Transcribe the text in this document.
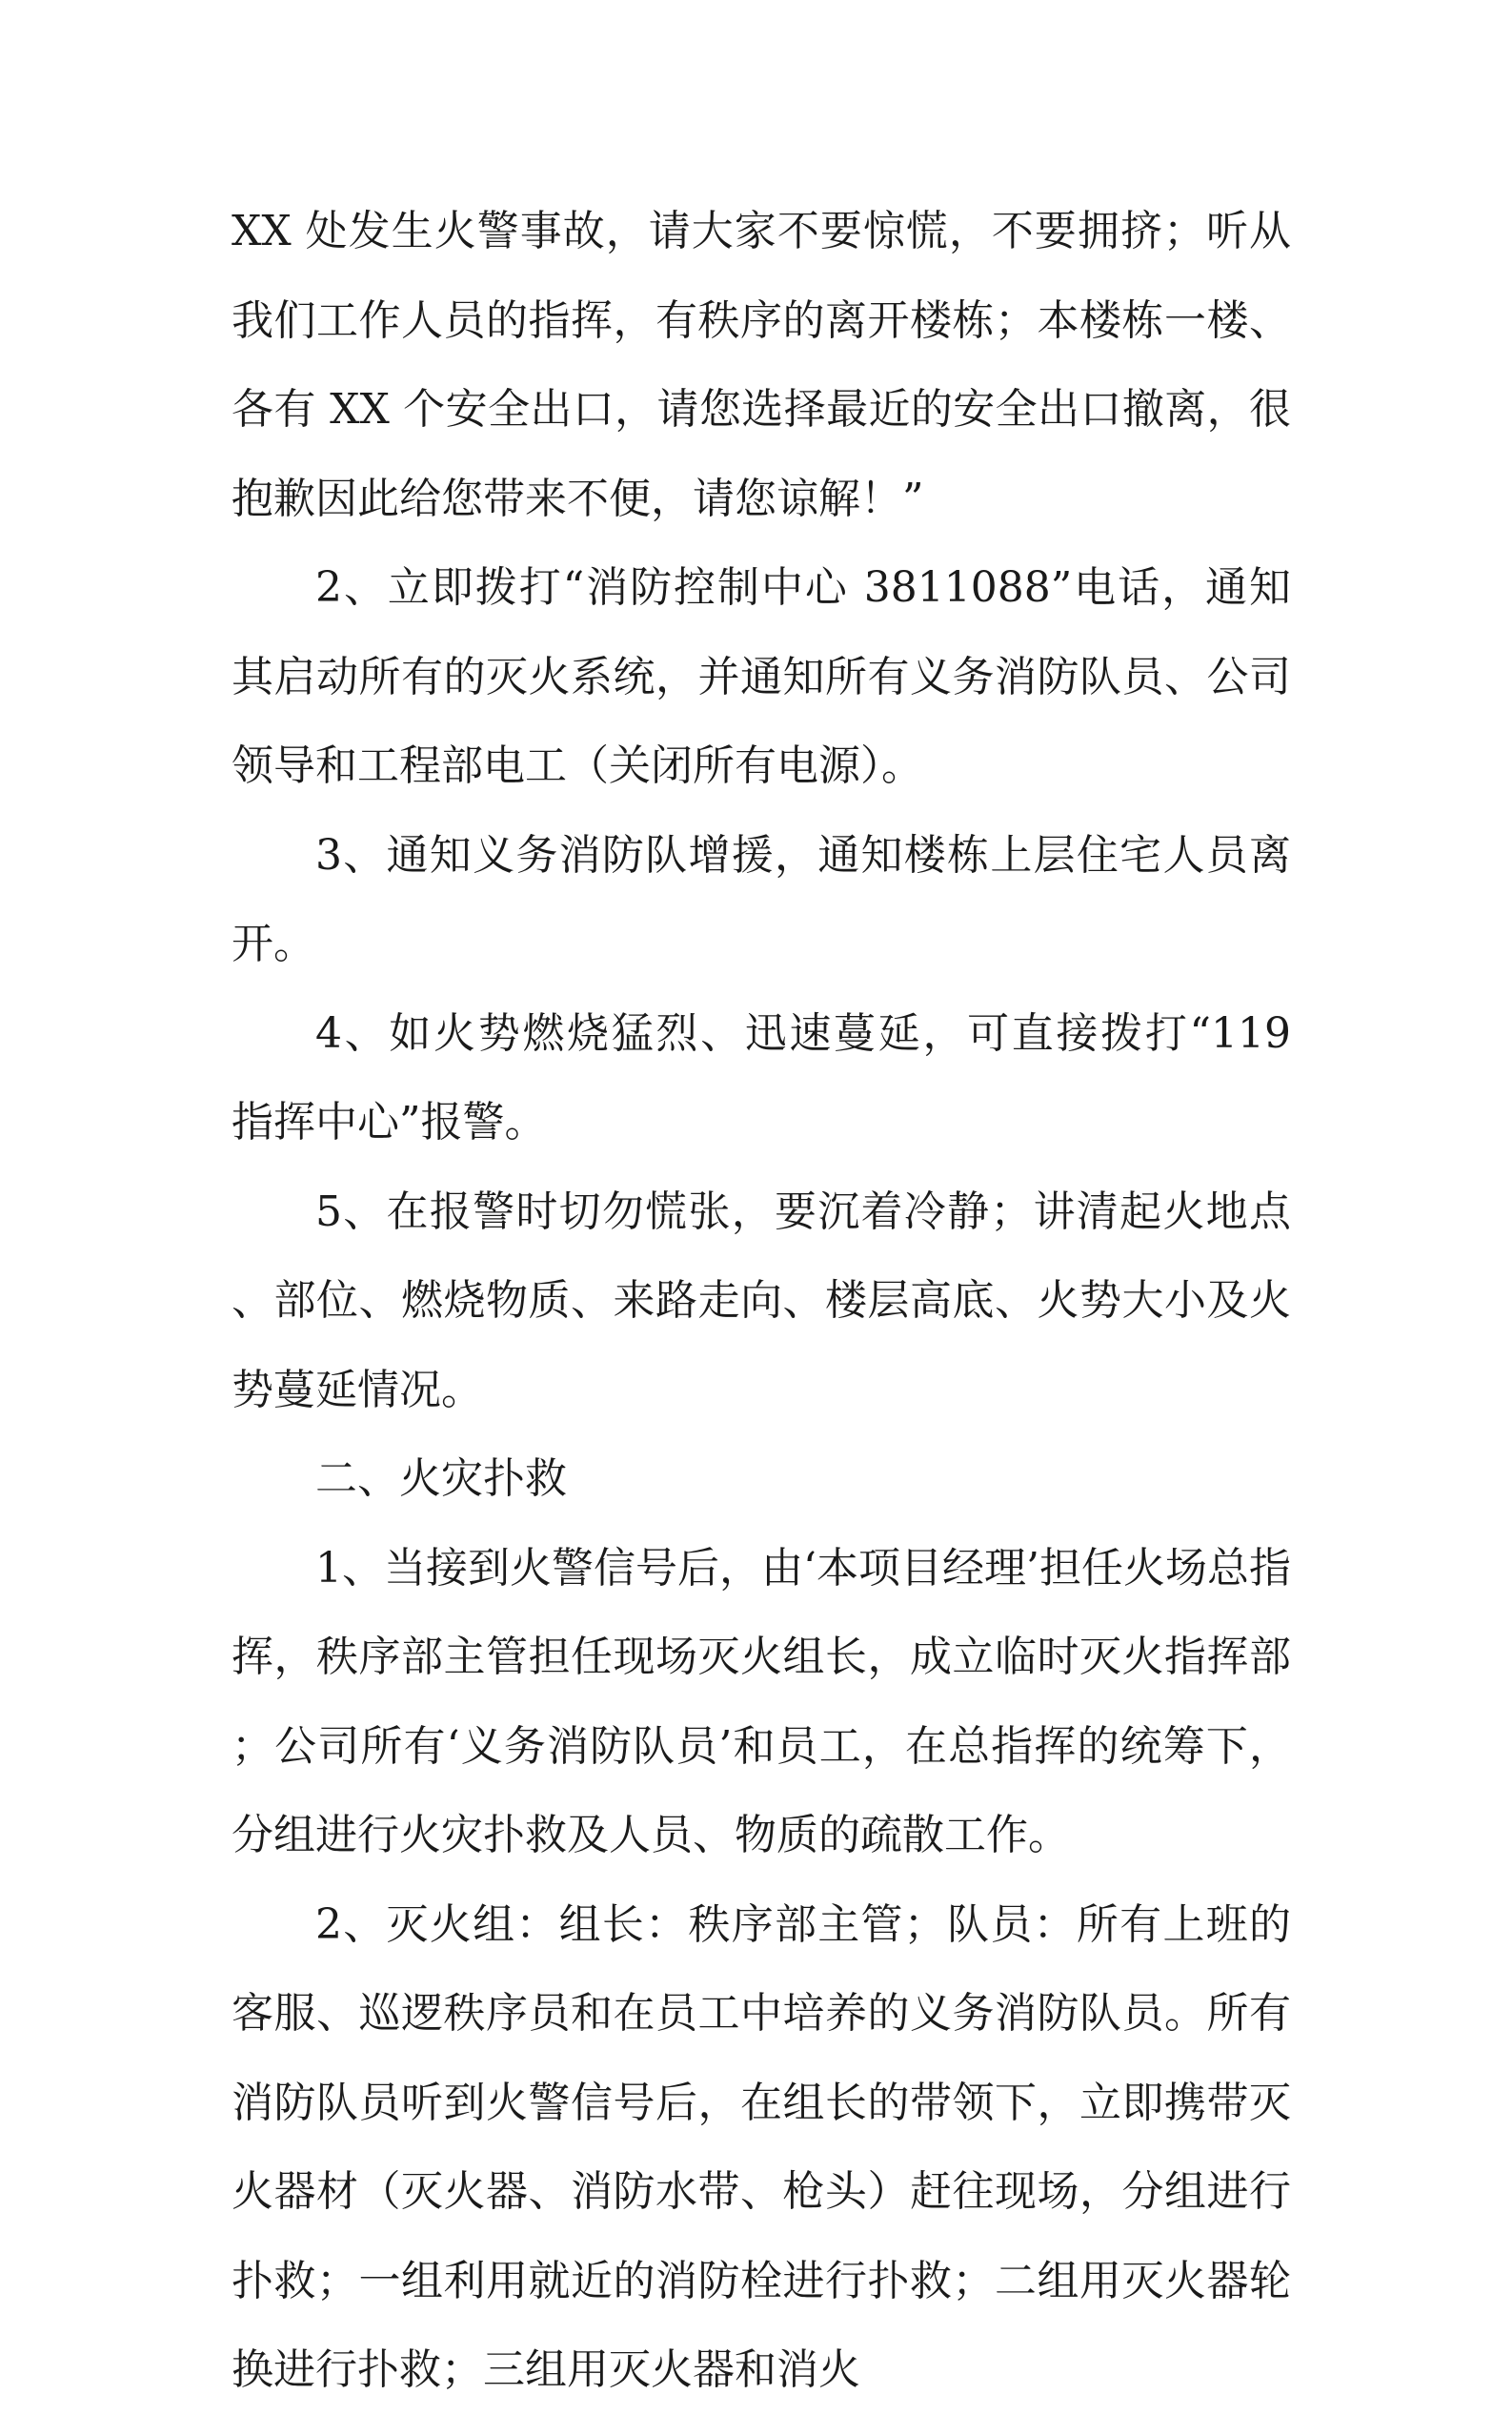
XX 处发生火警事故，请大家不要惊慌，不要拥挤；听从我们工作人员的指挥，有秩序的离开楼栋；本楼栋一楼、各有 XX 个安全出口，请您选择最近的安全出口撤离，很抱歉因此给您带来不便，请您谅解！”

2、立即拨打“消防控制中心 3811088”电话，通知其启动所有的灭火系统，并通知所有义务消防队员、公司领导和工程部电工（关闭所有电源）。

3、通知义务消防队增援，通知楼栋上层住宅人员离开。

4、如火势燃烧猛烈、迅速蔓延，可直接拨打“119 指挥中心”报警。

5、在报警时切勿慌张，要沉着冷静；讲清起火地点、部位、燃烧物质、来路走向、楼层高底、火势大小及火势蔓延情况。

二、火灾扑救

1、当接到火警信号后，由‘本项目经理’担任火场总指挥，秩序部主管担任现场灭火组长，成立临时灭火指挥部；公司所有‘义务消防队员’和员工，在总指挥的统筹下，分组进行火灾扑救及人员、物质的疏散工作。

2、灭火组：组长：秩序部主管；队员：所有上班的客服、巡逻秩序员和在员工中培养的义务消防队员。所有消防队员听到火警信号后，在组长的带领下，立即携带灭火器材（灭火器、消防水带、枪头）赶往现场，分组进行扑救；一组利用就近的消防栓进行扑救；二组用灭火器轮换进行扑救；三组用灭火器和消火
